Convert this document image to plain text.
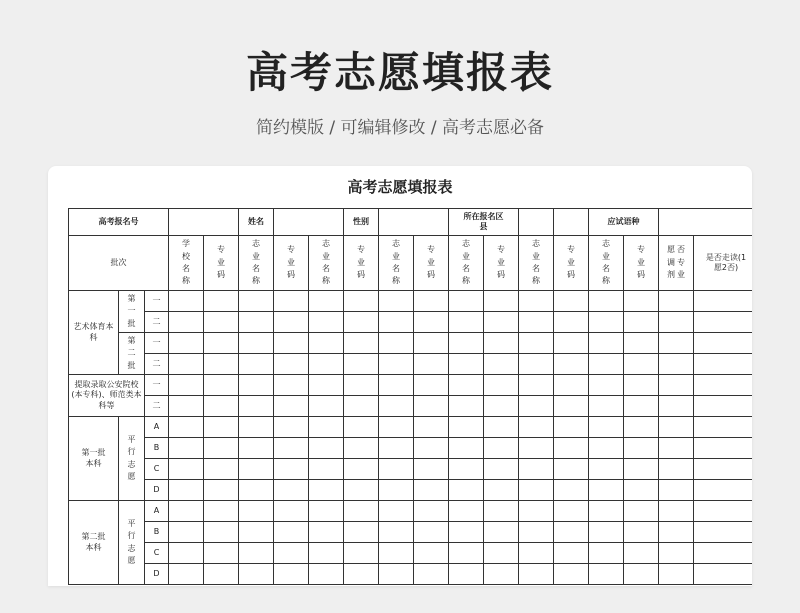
高考志愿填报表
简约模版 / 可编辑修改 / 高考志愿必备
高考志愿填报表
高考报名号					姓名			性别			所在报名区县				应试语种			
批次			学校名称	专业码	志业名称	专业码	志业名称	专业码	志业名称	专业码	志业名称	专业码	志业名称	专业码	志业名称	专业码	愿调剂否专业	是否走读(1愿2否)
艺术体育本科	第一批	一																
		二																
	第二批	一																
		二																
提取录取公安院校(本专科)、师范类本科等		一																
		二																
第一批本科	平行志愿	A																
		B																
		C																
		D																
第二批本科	平行志愿	A																
		B																
		C																
		D																
